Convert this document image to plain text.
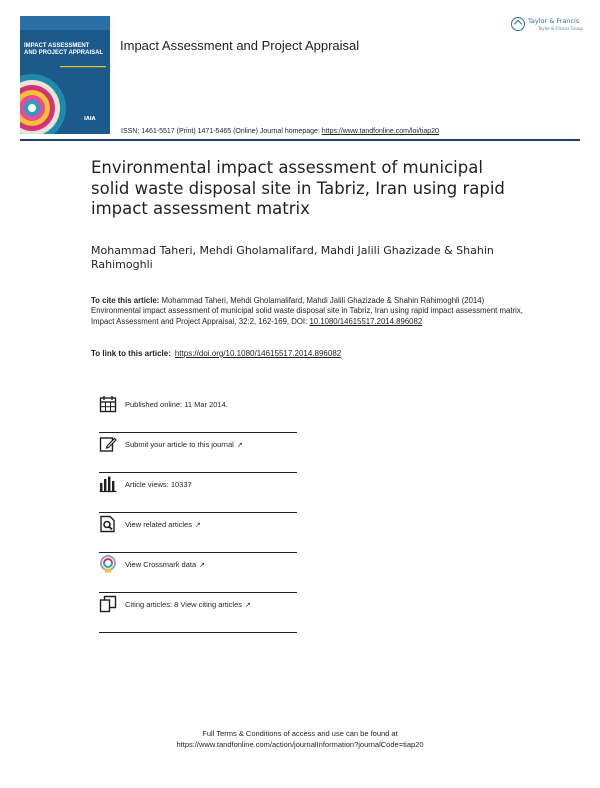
IMPACT ASSESSMENT
AND PROJECT APPRAISAL
IAIA
Impact Assessment and Project Appraisal
Taylor & Francis
Taylor & Francis Group
ISSN: 1461-5517 (Print) 1471-5465 (Online) Journal homepage: https://www.tandfonline.com/loi/tiap20
Environmental impact assessment of municipal solid waste disposal site in Tabriz, Iran using rapid impact assessment matrix
Mohammad Taheri, Mehdi Gholamalifard, Mahdi Jalili Ghazizade & Shahin Rahimoghli
To cite this article: Mohammad Taheri, Mehdi Gholamalifard, Mahdi Jalili Ghazizade & Shahin Rahimoghli (2014) Environmental impact assessment of municipal solid waste disposal site in Tabriz, Iran using rapid impact assessment matrix, Impact Assessment and Project Appraisal, 32:2, 162-169, DOI: 10.1080/14615517.2014.896082
To link to this article: https://doi.org/10.1080/14615517.2014.896082
Published online: 11 Mar 2014.
Submit your article to this journal ↗
Article views: 10337
View related articles ↗
View Crossmark data ↗
Citing articles: 8 View citing articles ↗
Full Terms & Conditions of access and use can be found at
https://www.tandfonline.com/action/journalInformation?journalCode=tiap20
